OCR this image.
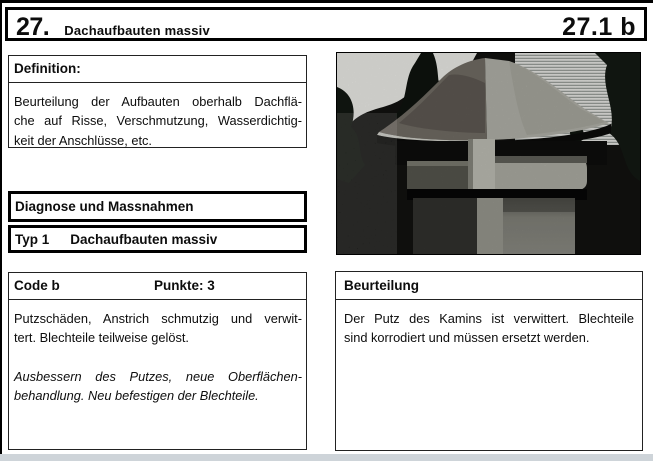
27. Dachaufbauten massiv	27.1 b
Definition:
Beurteilung der Aufbauten oberhalb Dachflä-
che auf Risse, Verschmutzung, Wasserdichtig-
keit der Anschlüsse, etc.
Diagnose und Massnahmen
Typ 1 Dachaufbauten massiv
Code b	Punkte: 3
Putzschäden, Anstrich schmutzig und verwit-
tert. Blechteile teilweise gelöst.
Ausbessern des Putzes, neue Oberflächen-
behandlung. Neu befestigen der Blechteile.
Beurteilung
Der Putz des Kamins ist verwittert. Blechteile
sind korrodiert und müssen ersetzt werden.
